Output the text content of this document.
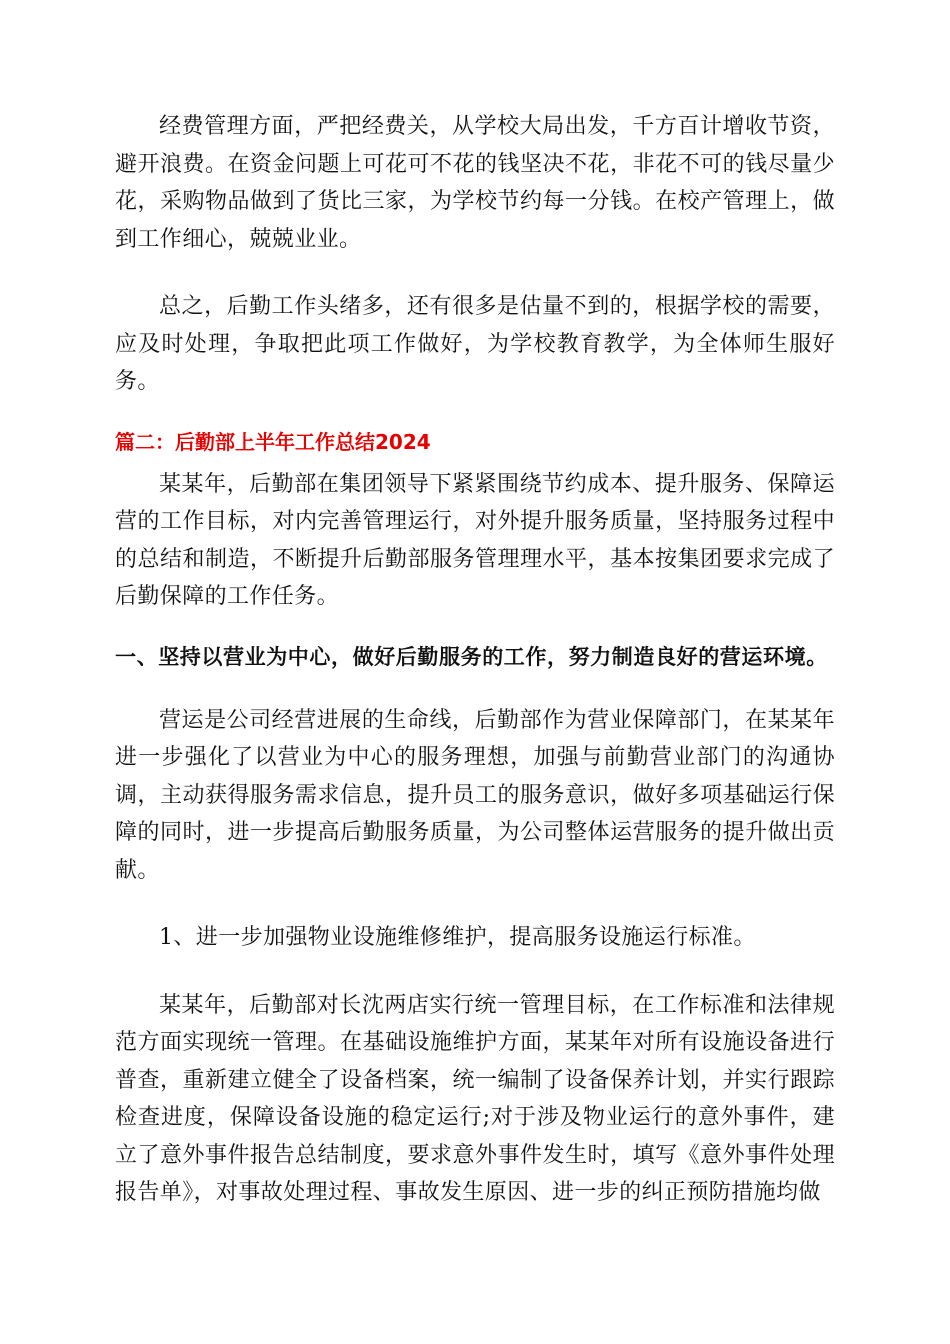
经费管理方面，严把经费关，从学校大局出发，千方百计增收节资，避开浪费。在资金问题上可花可不花的钱坚决不花，非花不可的钱尽量少花，采购物品做到了货比三家，为学校节约每一分钱。在校产管理上，做到工作细心，兢兢业业。

总之，后勤工作头绪多，还有很多是估量不到的，根据学校的需要，应及时处理，争取把此项工作做好，为学校教育教学，为全体师生服好务。

篇二：后勤部上半年工作总结2024

某某年，后勤部在集团领导下紧紧围绕节约成本、提升服务、保障运营的工作目标，对内完善管理运行，对外提升服务质量，坚持服务过程中的总结和制造，不断提升后勤部服务管理理水平，基本按集团要求完成了后勤保障的工作任务。

一、坚持以营业为中心，做好后勤服务的工作，努力制造良好的营运环境。

营运是公司经营进展的生命线，后勤部作为营业保障部门，在某某年进一步强化了以营业为中心的服务理想，加强与前勤营业部门的沟通协调，主动获得服务需求信息，提升员工的服务意识，做好多项基础运行保障的同时，进一步提高后勤服务质量，为公司整体运营服务的提升做出贡献。

1、进一步加强物业设施维修维护，提高服务设施运行标准。

某某年，后勤部对长沈两店实行统一管理目标，在工作标准和法律规范方面实现统一管理。在基础设施维护方面，某某年对所有设施设备进行普查，重新建立健全了设备档案，统一编制了设备保养计划，并实行跟踪检查进度，保障设备设施的稳定运行;对于涉及物业运行的意外事件，建立了意外事件报告总结制度，要求意外事件发生时，填写《意外事件处理报告单》，对事故处理过程、事故发生原因、进一步的纠正预防措施均做
